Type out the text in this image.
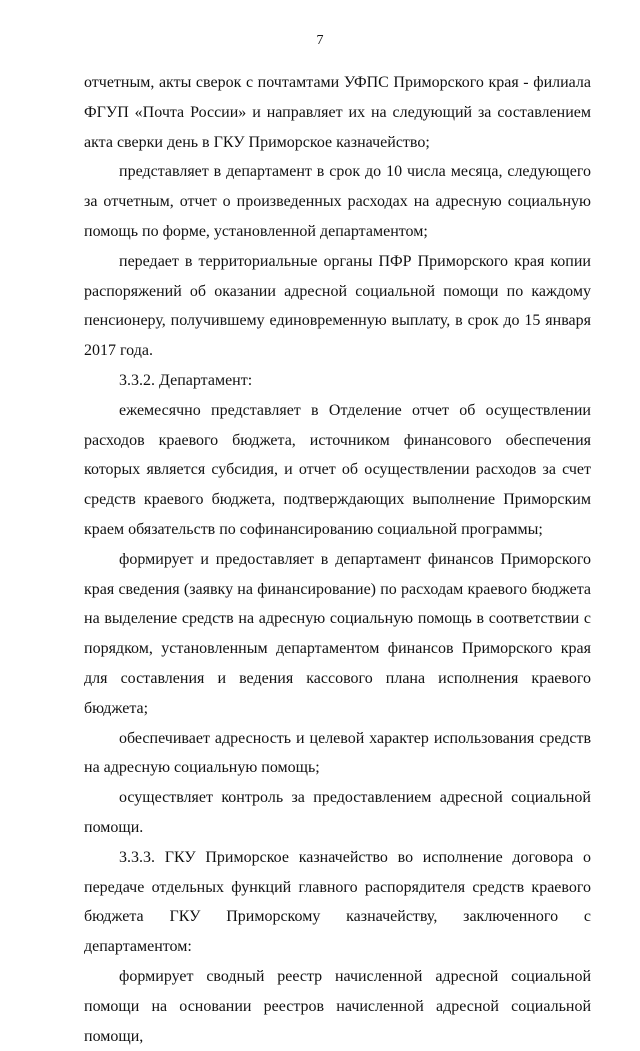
7

отчетным, акты сверок с почтамтами УФПС Приморского края - филиала ФГУП «Почта России» и направляет их на следующий за составлением акта сверки день в ГКУ Приморское казначейство;

представляет в департамент в срок до 10 числа месяца, следующего за отчетным, отчет о произведенных расходах на адресную социальную помощь по форме, установленной департаментом;

передает в территориальные органы ПФР Приморского края копии распоряжений об оказании адресной социальной помощи по каждому пенсионеру, получившему единовременную выплату, в срок до 15 января 2017 года.

3.3.2. Департамент:

ежемесячно представляет в Отделение отчет об осуществлении расходов краевого бюджета, источником финансового обеспечения которых является субсидия, и отчет об осуществлении расходов за счет средств краевого бюджета, подтверждающих выполнение Приморским краем обязательств по софинансированию социальной программы;

формирует и предоставляет в департамент финансов Приморского края сведения (заявку на финансирование) по расходам краевого бюджета на выделение средств на адресную социальную помощь в соответствии с порядком, установленным департаментом финансов Приморского края для составления и ведения кассового плана исполнения краевого бюджета;

обеспечивает адресность и целевой характер использования средств на адресную социальную помощь;

осуществляет контроль за предоставлением адресной социальной помощи.

3.3.3. ГКУ Приморское казначейство во исполнение договора о передаче отдельных функций главного распорядителя средств краевого бюджета ГКУ Приморскому казначейству, заключенного с департаментом:

формирует сводный реестр начисленной адресной социальной помощи на основании реестров начисленной адресной социальной помощи,
